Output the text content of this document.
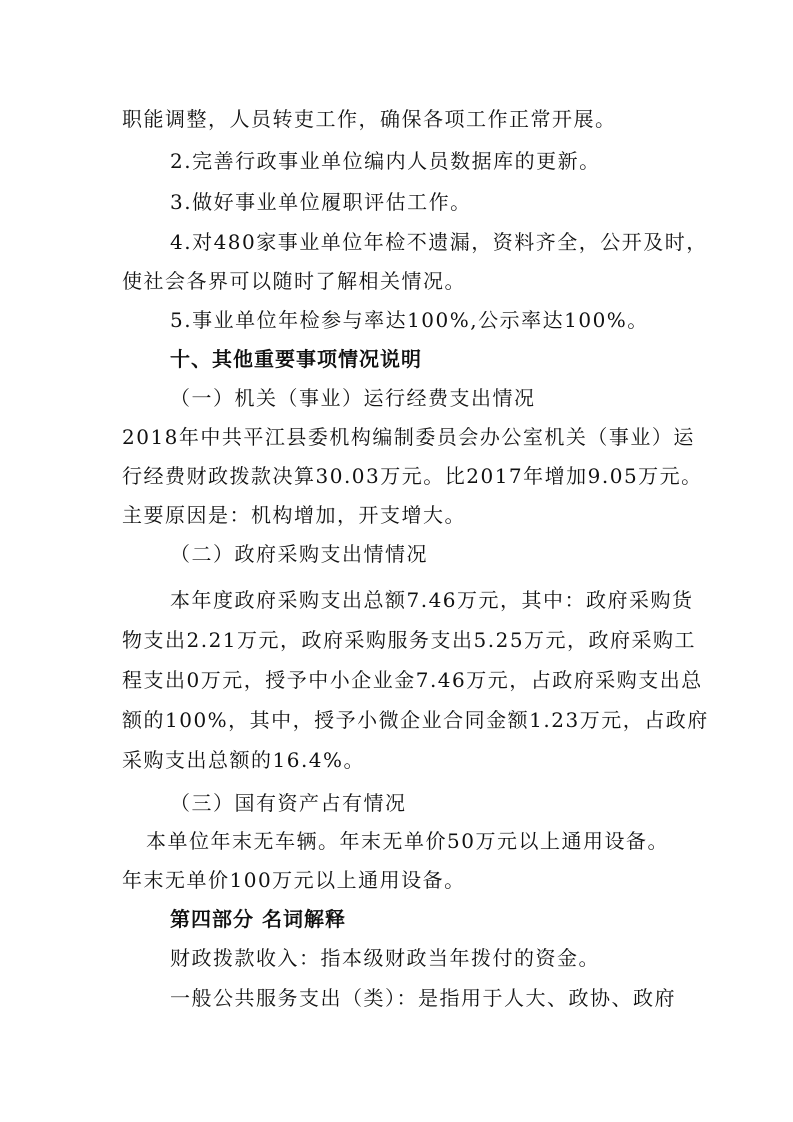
职能调整，人员转吏工作，确保各项工作正常开展。
2.完善行政事业单位编内人员数据库的更新。
3.做好事业单位履职评估工作。
4.对480家事业单位年检不遗漏，资料齐全，公开及时，
使社会各界可以随时了解相关情况。
5.事业单位年检参与率达100%,公示率达100%。
十、其他重要事项情况说明
（一）机关（事业）运行经费支出情况
2018年中共平江县委机构编制委员会办公室机关（事业）运
行经费财政拨款决算30.03万元。比2017年增加9.05万元。
主要原因是：机构增加，开支增大。
（二）政府采购支出情情况
本年度政府采购支出总额7.46万元，其中：政府采购货
物支出2.21万元，政府采购服务支出5.25万元，政府采购工
程支出0万元，授予中小企业金7.46万元，占政府采购支出总
额的100%，其中，授予小微企业合同金额1.23万元，占政府
采购支出总额的16.4%。
（三）国有资产占有情况
本单位年末无车辆。年末无单价50万元以上通用设备。
年末无单价100万元以上通用设备。
第四部分 名词解释
财政拨款收入：指本级财政当年拨付的资金。
一般公共服务支出（类）：是指用于人大、政协、政府
